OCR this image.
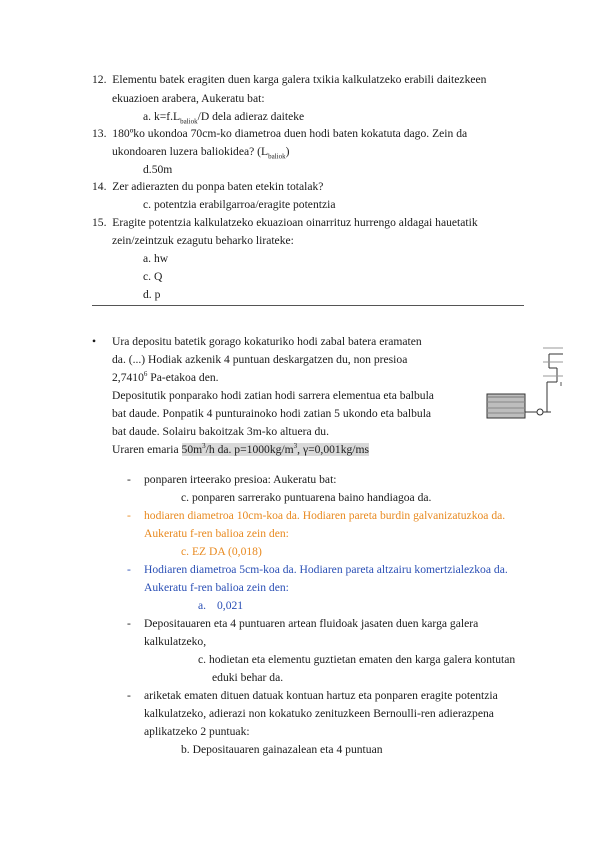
12. Elementu batek eragiten duen karga galera txikia kalkulatzeko erabili daitezkeen
ekuazioen arabera, Aukeratu bat:
a. $k=f.L_{baliok}/D$ dela adieraz daiteke
13. 180ºko ukondoa 70cm-ko diametroa duen hodi baten kokatuta dago. Zein da
ukondoaren luzera baliokidea? $(L_{baliok})$
d.50m
14. Zer adierazten du ponpa baten etekin totalak?
c. potentzia erabilgarroa/eragite potentzia
15. Eragite potentzia kalkulatzeko ekuazioan oinarrituz hurrengo aldagai hauetatik
zein/zeintzuk ezagutu beharko lirateke:
a. hw
c. Q
d. p
• Ura depositu batetik gorago kokaturiko hodi zabal batera eramaten
da. (...) Hodiak azkenik 4 puntuan deskargatzen du, non presioa
2,7410$^6$ Pa-etakoa den.
Depositutik ponparako hodi zatian hodi sarrera elementua eta balbula
bat daude. Ponpatik 4 punturainoko hodi zatian 5 ukondo eta balbula
bat daude. Solairu bakoitzak 3m-ko altuera du.
Uraren emaria $50m^3/h$ da. $p=1000kg/m^3$, γ=0,001kg/ms
- ponparen irteerako presioa: Aukeratu bat:
c. ponparen sarrerako puntuarena baino handiagoa da.
- hodiaren diametroa 10cm-koa da. Hodiaren pareta burdin galvanizatuzkoa da.
Aukeratu f-ren balioa zein den:
c. EZ DA (0,018)
- Hodiaren diametroa 5cm-koa da. Hodiaren pareta altzairu komertzialezkoa da.
Aukeratu f-ren balioa zein den:
a. 0,021
- Depositauaren eta 4 puntuaren artean fluidoak jasaten duen karga galera
kalkulatzeko,
c. hodietan eta elementu guztietan ematen den karga galera kontutan
eduki behar da.
- ariketak ematen dituen datuak kontuan hartuz eta ponparen eragite potentzia
kalkulatzeko, adierazi non kokatuko zenituzkeen Bernoulli-ren adierazpena
aplikatzeko 2 puntuak:
b. Depositauaren gainazalean eta 4 puntuan
